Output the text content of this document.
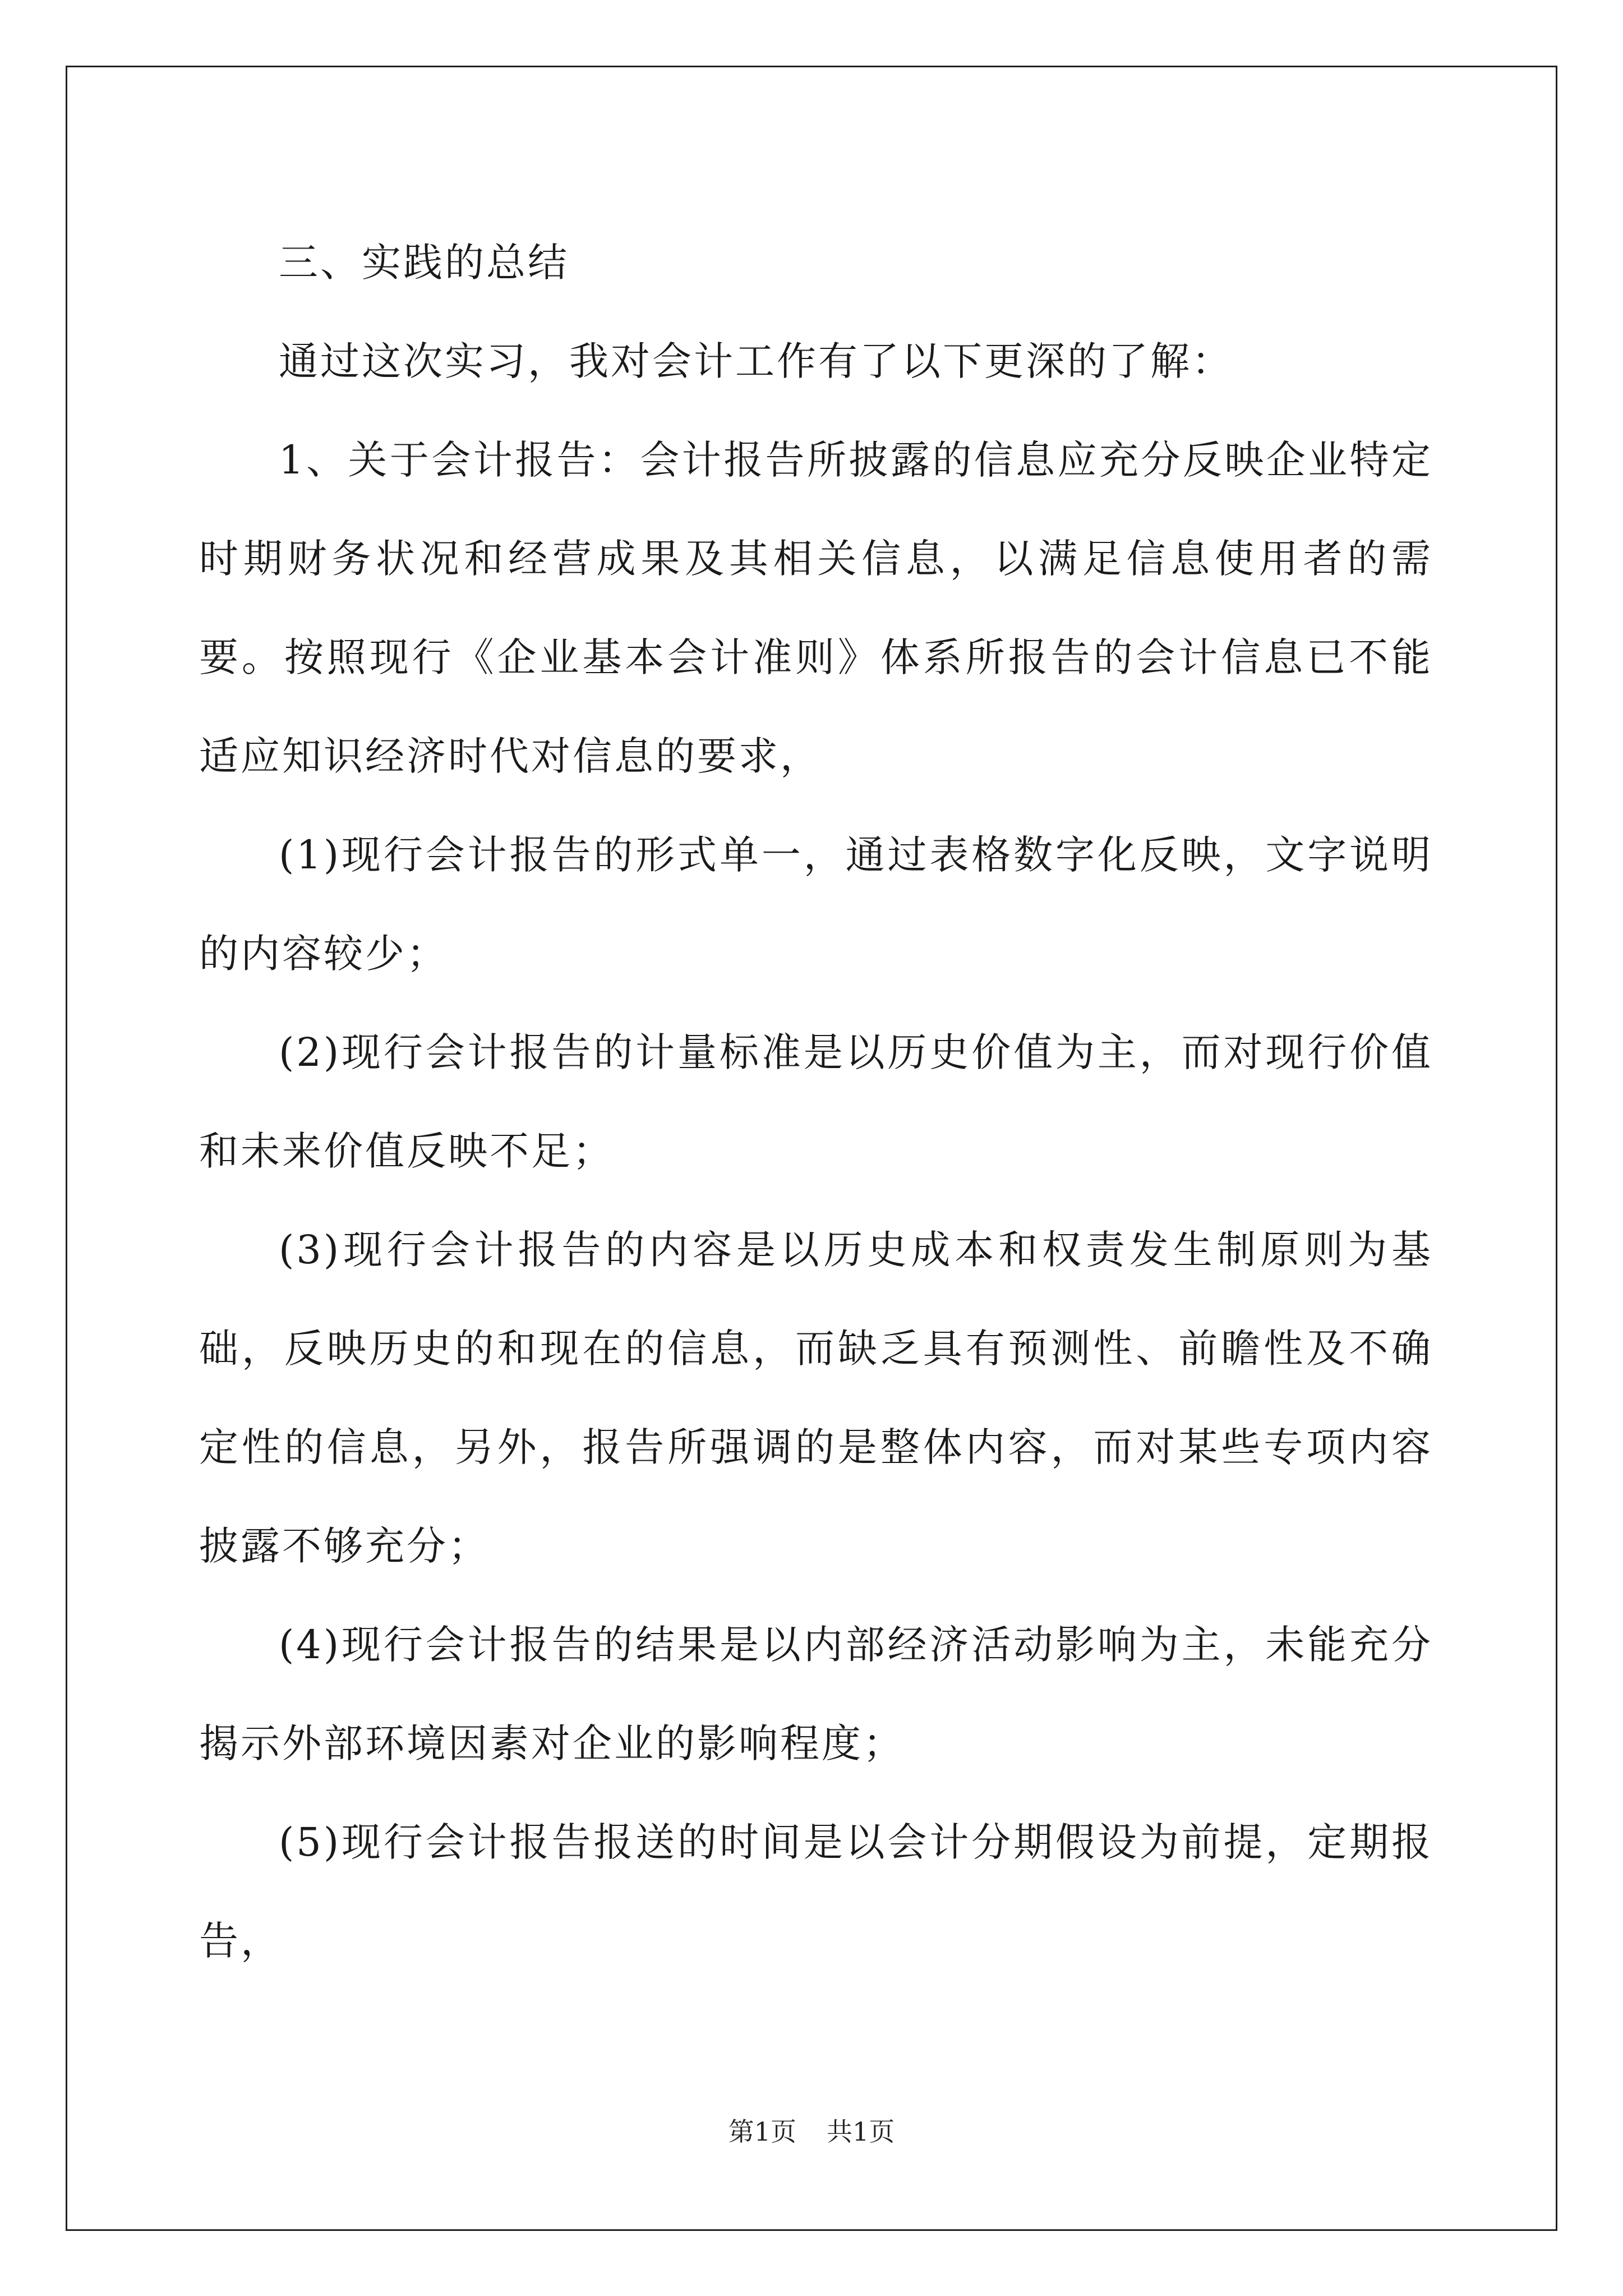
三、实践的总结

通过这次实习，我对会计工作有了以下更深的了解：

1、关于会计报告：会计报告所披露的信息应充分反映企业特定时期财务状况和经营成果及其相关信息，以满足信息使用者的需要。按照现行《企业基本会计准则》体系所报告的会计信息已不能适应知识经济时代对信息的要求，

(1)现行会计报告的形式单一，通过表格数字化反映，文字说明的内容较少；

(2)现行会计报告的计量标准是以历史价值为主，而对现行价值和未来价值反映不足；

(3)现行会计报告的内容是以历史成本和权责发生制原则为基础，反映历史的和现在的信息，而缺乏具有预测性、前瞻性及不确定性的信息，另外，报告所强调的是整体内容，而对某些专项内容披露不够充分；

(4)现行会计报告的结果是以内部经济活动影响为主，未能充分揭示外部环境因素对企业的影响程度；

(5)现行会计报告报送的时间是以会计分期假设为前提，定期报告，

第1页 共1页
